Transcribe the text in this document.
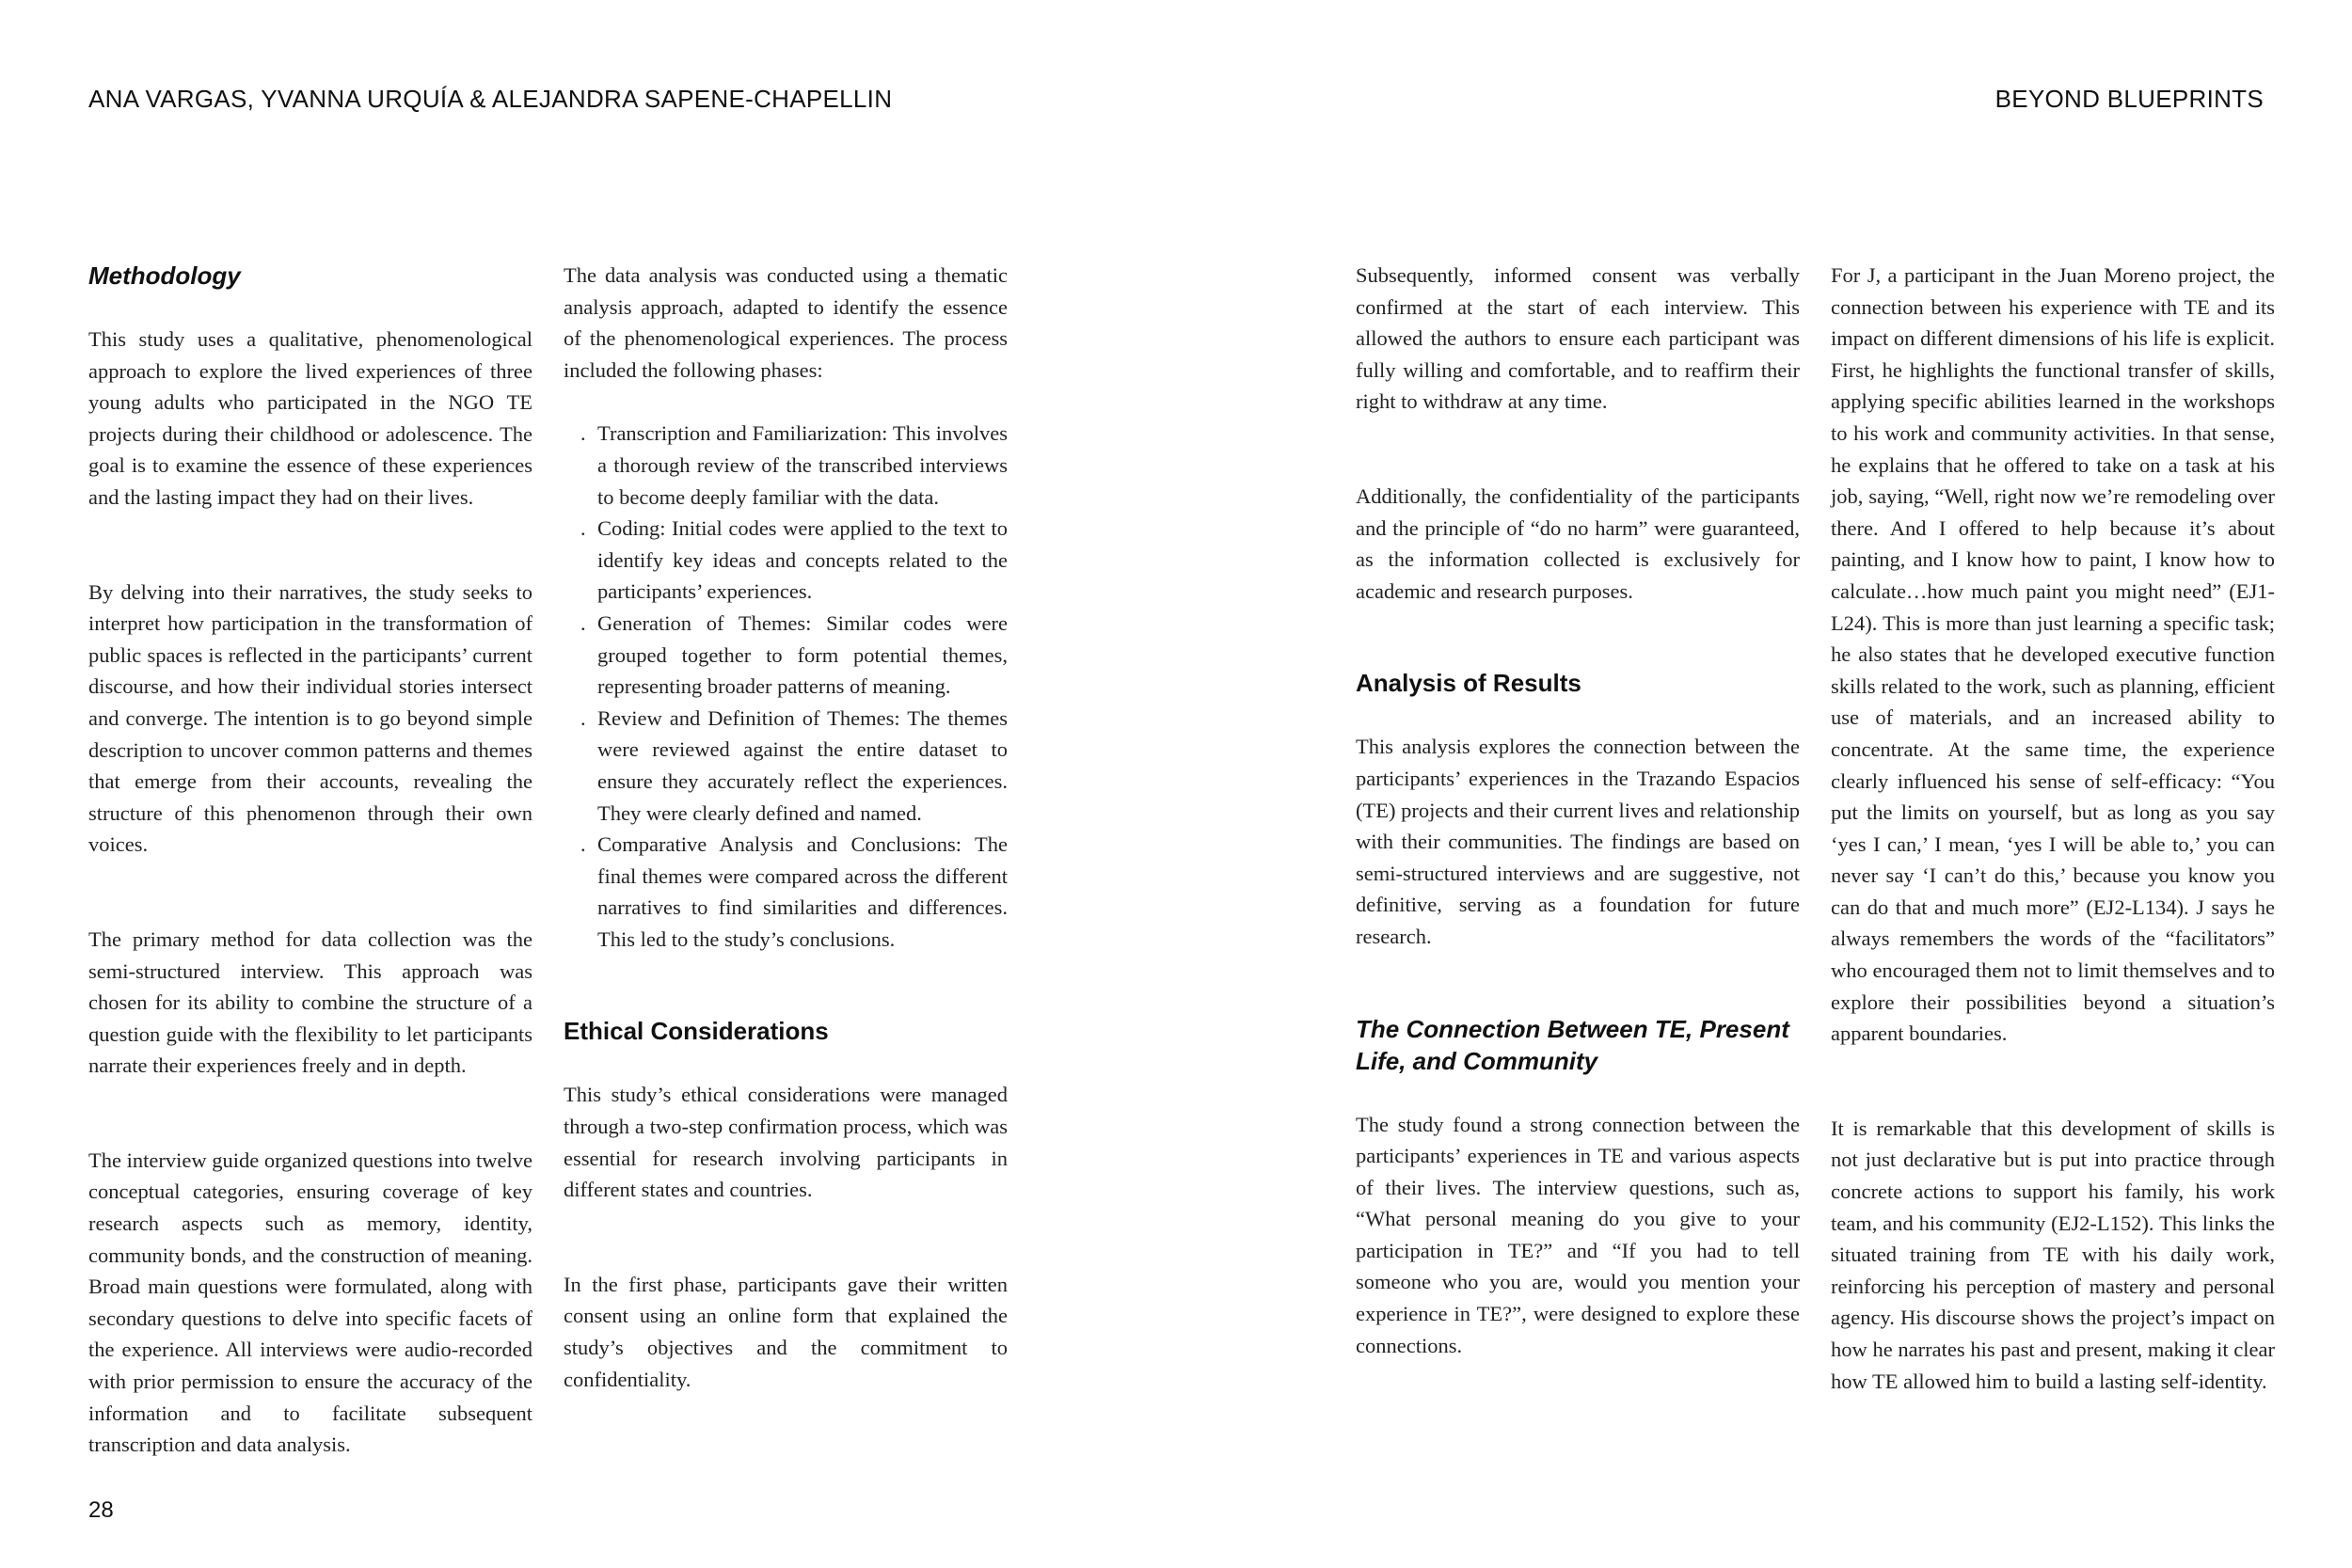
ANA VARGAS, YVANNA URQUÍA & ALEJANDRA SAPENE-CHAPELLIN	BEYOND BLUEPRINTS
Methodology

This study uses a qualitative, phenomenological approach to explore the lived experiences of three young adults who participated in the NGO TE projects during their childhood or adolescence. The goal is to examine the essence of these experiences and the lasting impact they had on their lives.

By delving into their narratives, the study seeks to interpret how participation in the transformation of public spaces is reflected in the participants’ current discourse, and how their individual stories intersect and converge. The intention is to go beyond simple description to uncover common patterns and themes that emerge from their accounts, revealing the structure of this phenomenon through their own voices.

The primary method for data collection was the semi-structured interview. This approach was chosen for its ability to combine the structure of a question guide with the flexibility to let participants narrate their experiences freely and in depth.

The interview guide organized questions into twelve conceptual categories, ensuring coverage of key research aspects such as memory, identity, community bonds, and the construction of meaning. Broad main questions were formulated, along with secondary questions to delve into specific facets of the experience. All interviews were audio-recorded with prior permission to ensure the accuracy of the information and to facilitate subsequent transcription and data analysis.

The data analysis was conducted using a thematic analysis approach, adapted to identify the essence of the phenomenological experiences. The process included the following phases:

. Transcription and Familiarization: This involves a thorough review of the transcribed interviews to become deeply familiar with the data.
. Coding: Initial codes were applied to the text to identify key ideas and concepts related to the participants’ experiences.
. Generation of Themes: Similar codes were grouped together to form potential themes, representing broader patterns of meaning.
. Review and Definition of Themes: The themes were reviewed against the entire dataset to ensure they accurately reflect the experiences. They were clearly defined and named.
. Comparative Analysis and Conclusions: The final themes were compared across the different narratives to find similarities and differences. This led to the study’s conclusions.
Ethical Considerations

This study’s ethical considerations were managed through a two-step confirmation process, which was essential for research involving participants in different states and countries.

In the first phase, participants gave their written consent using an online form that explained the study’s objectives and the commitment to confidentiality.

Subsequently, informed consent was verbally confirmed at the start of each interview. This allowed the authors to ensure each participant was fully willing and comfortable, and to reaffirm their right to withdraw at any time.

Additionally, the confidentiality of the participants and the principle of “do no harm” were guaranteed, as the information collected is exclusively for academic and research purposes.

Analysis of Results

This analysis explores the connection between the participants’ experiences in the Trazando Espacios (TE) projects and their current lives and relationship with their communities. The findings are based on semi-structured interviews and are suggestive, not definitive, serving as a foundation for future research.

The Connection Between TE, Present Life, and Community

The study found a strong connection between the participants’ experiences in TE and various aspects of their lives. The interview questions, such as, “What personal meaning do you give to your participation in TE?” and “If you had to tell someone who you are, would you mention your experience in TE?”, were designed to explore these connections.

For J, a participant in the Juan Moreno project, the connection between his experience with TE and its impact on different dimensions of his life is explicit. First, he highlights the functional transfer of skills, applying specific abilities learned in the workshops to his work and community activities. In that sense, he explains that he offered to take on a task at his job, saying, “Well, right now we’re remodeling over there. And I offered to help because it’s about painting, and I know how to paint, I know how to calculate…how much paint you might need” (EJ1-L24). This is more than just learning a specific task; he also states that he developed executive function skills related to the work, such as planning, efficient use of materials, and an increased ability to concentrate. At the same time, the experience clearly influenced his sense of self-efficacy: “You put the limits on yourself, but as long as you say ‘yes I can,’ I mean, ‘yes I will be able to,’ you can never say ‘I can’t do this,’ because you know you can do that and much more” (EJ2-L134). J says he always remembers the words of the “facilitators” who encouraged them not to limit themselves and to explore their possibilities beyond a situation’s apparent boundaries.

It is remarkable that this development of skills is not just declarative but is put into practice through concrete actions to support his family, his work team, and his community (EJ2-L152). This links the situated training from TE with his daily work, reinforcing his perception of mastery and personal agency. His discourse shows the project’s impact on how he narrates his past and present, making it clear how TE allowed him to build a lasting self-identity.

28
